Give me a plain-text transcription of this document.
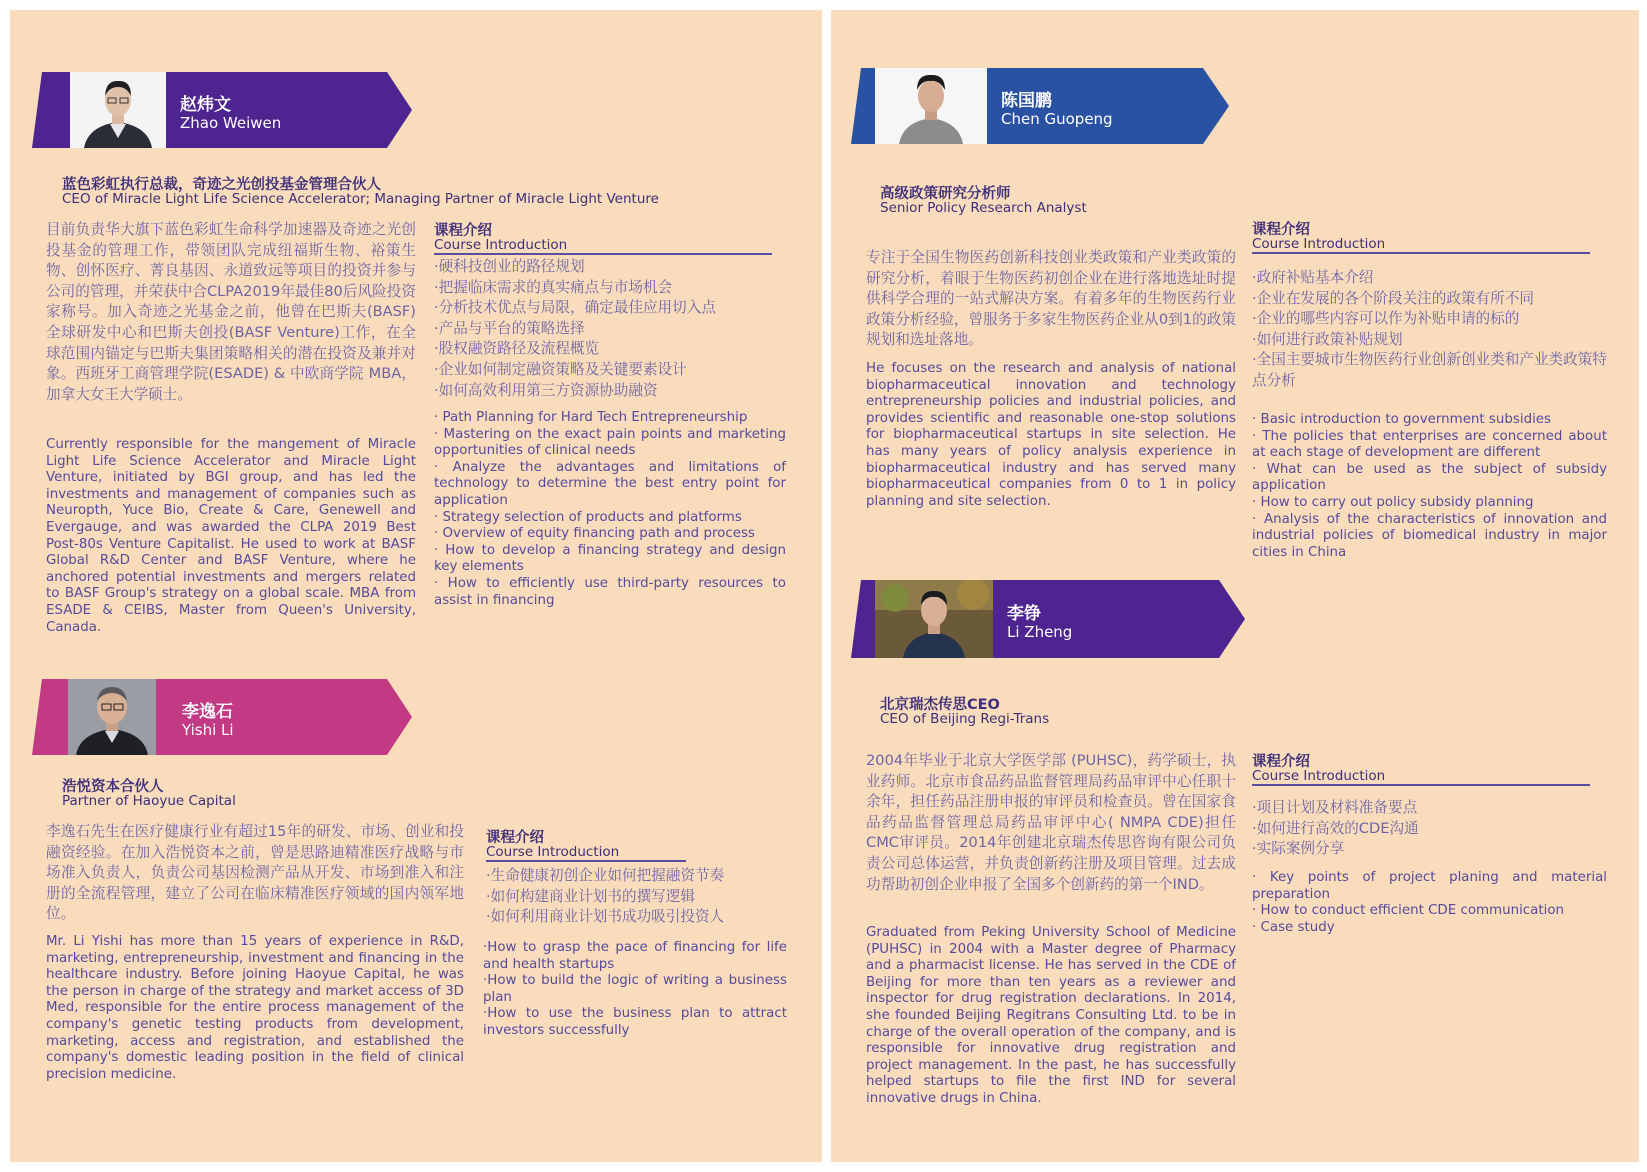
赵炜文
Zhao Weiwen
蓝色彩虹执行总裁，奇迹之光创投基金管理合伙人
CEO of Miracle Light Life Science Accelerator; Managing Partner of Miracle Light Venture
目前负责华大旗下蓝色彩虹生命科学加速器及奇迹之光创投基金的管理工作，带领团队完成纽福斯生物、裕策生物、创怀医疗、菁良基因、永道致远等项目的投资并参与公司的管理，并荣获中合CLPA2019年最佳80后风险投资家称号。加入奇迹之光基金之前，他曾在巴斯夫(BASF)全球研发中心和巴斯夫创投(BASF Venture)工作，在全球范围内锚定与巴斯夫集团策略相关的潜在投资及兼并对象。西班牙工商管理学院(ESADE) & 中欧商学院 MBA，加拿大女王大学硕士。
Currently responsible for the mangement of Miracle Light Life Science Accelerator and Miracle Light Venture, initiated by BGI group, and has led the investments and management of companies such as Neuropth, Yuce Bio, Create & Care, Genewell and Evergauge, and was awarded the CLPA 2019 Best Post-80s Venture Capitalist. He used to work at BASF Global R&D Center and BASF Venture, where he anchored potential investments and mergers related to BASF Group's strategy on a global scale. MBA from ESADE & CEIBS, Master from Queen's University, Canada.
课程介绍
Course Introduction
·硬科技创业的路径规划
·把握临床需求的真实痛点与市场机会
·分析技术优点与局限，确定最佳应用切入点
·产品与平台的策略选择
·股权融资路径及流程概览
·企业如何制定融资策略及关键要素设计
·如何高效利用第三方资源协助融资
· Path Planning for Hard Tech Entrepreneurship
· Mastering on the exact pain points and marketing opportunities of clinical needs
· Analyze the advantages and limitations of technology to determine the best entry point for application
· Strategy selection of products and platforms
· Overview of equity financing path and process
· How to develop a financing strategy and design key elements
· How to efficiently use third-party resources to assist in financing
李逸石
Yishi Li
浩悦资本合伙人
Partner of Haoyue Capital
李逸石先生在医疗健康行业有超过15年的研发、市场、创业和投融资经验。在加入浩悦资本之前，曾是思路迪精准医疗战略与市场准入负责人，负责公司基因检测产品从开发、市场到准入和注册的全流程管理，建立了公司在临床精准医疗领域的国内领军地位。
Mr. Li Yishi has more than 15 years of experience in R&D, marketing, entrepreneurship, investment and financing in the healthcare industry. Before joining Haoyue Capital, he was the person in charge of the strategy and market access of 3D Med, responsible for the entire process management of the company's genetic testing products from development, marketing, access and registration, and established the company's domestic leading position in the field of clinical precision medicine.
课程介绍
Course Introduction
·生命健康初创企业如何把握融资节奏
·如何构建商业计划书的撰写逻辑
·如何利用商业计划书成功吸引投资人
·How to grasp the pace of financing for life and health startups
·How to build the logic of writing a business plan
·How to use the business plan to attract investors successfully
陈国鹏
Chen Guopeng
高级政策研究分析师
Senior Policy Research Analyst
专注于全国生物医药创新科技创业类政策和产业类政策的研究分析，着眼于生物医药初创企业在进行落地选址时提供科学合理的一站式解决方案。有着多年的生物医药行业政策分析经验，曾服务于多家生物医药企业从0到1的政策规划和选址落地。
He focuses on the research and analysis of national biopharmaceutical innovation and technology entrepreneurship policies and industrial policies, and provides scientific and reasonable one-stop solutions for biopharmaceutical startups in site selection. He has many years of policy analysis experience in biopharmaceutical industry and has served many biopharmaceutical companies from 0 to 1 in policy planning and site selection.
课程介绍
Course Introduction
·政府补贴基本介绍
·企业在发展的各个阶段关注的政策有所不同
·企业的哪些内容可以作为补贴申请的标的
·如何进行政策补贴规划
·全国主要城市生物医药行业创新创业类和产业类政策特点分析
· Basic introduction to government subsidies
· The policies that enterprises are concerned about at each stage of development are different
· What can be used as the subject of subsidy application
· How to carry out policy subsidy planning
· Analysis of the characteristics of innovation and industrial policies of biomedical industry in major cities in China
李铮
Li Zheng
北京瑞杰传思CEO
CEO of Beijing Regi-Trans
2004年毕业于北京大学医学部 (PUHSC)，药学硕士，执业药师。北京市食品药品监督管理局药品审评中心任职十余年，担任药品注册申报的审评员和检查员。曾在国家食品药品监督管理总局药品审评中心( NMPA CDE)担任CMC审评员。2014年创建北京瑞杰传思咨询有限公司负责公司总体运营，并负责创新药注册及项目管理。过去成功帮助初创企业申报了全国多个创新药的第一个IND。
Graduated from Peking University School of Medicine (PUHSC) in 2004 with a Master degree of Pharmacy and a pharmacist license. He has served in the CDE of Beijing for more than ten years as a reviewer and inspector for drug registration declarations. In 2014, she founded Beijing Regitrans Consulting Ltd. to be in charge of the overall operation of the company, and is responsible for innovative drug registration and project management. In the past, he has successfully helped startups to file the first IND for several innovative drugs in China.
课程介绍
Course Introduction
·项目计划及材料准备要点
·如何进行高效的CDE沟通
·实际案例分享
· Key points of project planing and material preparation
· How to conduct efficient CDE communication
· Case study
